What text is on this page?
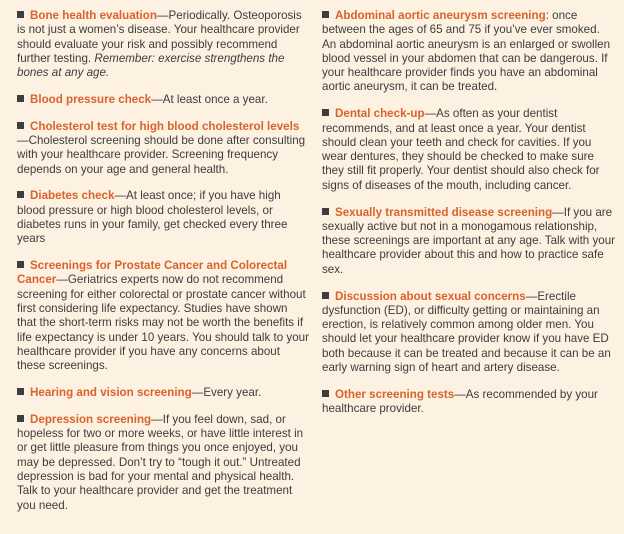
Bone health evaluation—Periodically. Osteoporosis is not just a women’s disease. Your healthcare provider should evaluate your risk and possibly recommend further testing. Remember: exercise strengthens the bones at any age.

Blood pressure check—At least once a year.

Cholesterol test for high blood cholesterol levels—Cholesterol screening should be done after consulting with your healthcare provider. Screening frequency depends on your age and general health.

Diabetes check—At least once; if you have high blood pressure or high blood cholesterol levels, or diabetes runs in your family, get checked every three years

Screenings for Prostate Cancer and Colorectal Cancer—Geriatrics experts now do not recommend screening for either colorectal or prostate cancer without first considering life expectancy. Studies have shown that the short-term risks may not be worth the benefits if life expectancy is under 10 years. You should talk to your healthcare provider if you have any concerns about these screenings.

Hearing and vision screening—Every year.

Depression screening—If you feel down, sad, or hopeless for two or more weeks, or have little interest in or get little pleasure from things you once enjoyed, you may be depressed. Don’t try to “tough it out.” Untreated depression is bad for your mental and physical health. Talk to your healthcare provider and get the treatment you need.

Abdominal aortic aneurysm screening: once between the ages of 65 and 75 if you’ve ever smoked. An abdominal aortic aneurysm is an enlarged or swollen blood vessel in your abdomen that can be dangerous. If your healthcare provider finds you have an abdominal aortic aneurysm, it can be treated.

Dental check-up—As often as your dentist recommends, and at least once a year. Your dentist should clean your teeth and check for cavities. If you wear dentures, they should be checked to make sure they still fit properly. Your dentist should also check for signs of diseases of the mouth, including cancer.

Sexually transmitted disease screening—If you are sexually active but not in a monogamous relationship, these screenings are important at any age. Talk with your healthcare provider about this and how to practice safe sex.

Discussion about sexual concerns—Erectile dysfunction (ED), or difficulty getting or maintaining an erection, is relatively common among older men. You should let your healthcare provider know if you have ED both because it can be treated and because it can be an early warning sign of heart and artery disease.

Other screening tests—As recommended by your healthcare provider.
